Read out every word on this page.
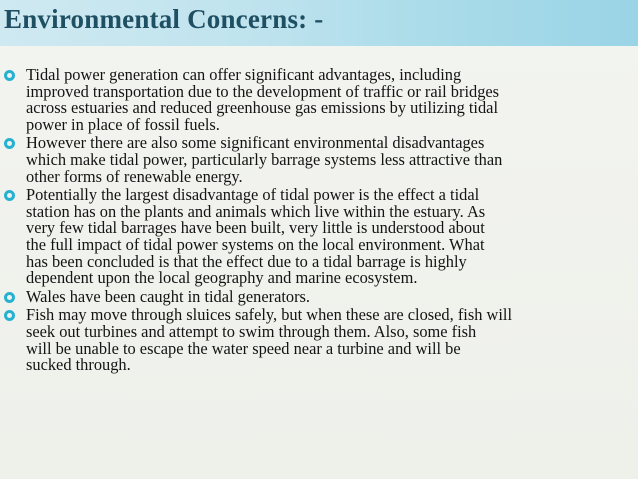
Environmental Concerns: -
Tidal power generation can offer significant advantages, including
improved transportation due to the development of traffic or rail bridges
across estuaries and reduced greenhouse gas emissions by utilizing tidal
power in place of fossil fuels.
However there are also some significant environmental disadvantages
which make tidal power, particularly barrage systems less attractive than
other forms of renewable energy.
Potentially the largest disadvantage of tidal power is the effect a tidal
station has on the plants and animals which live within the estuary. As
very few tidal barrages have been built, very little is understood about
the full impact of tidal power systems on the local environment. What
has been concluded is that the effect due to a tidal barrage is highly
dependent upon the local geography and marine ecosystem.
Wales have been caught in tidal generators.
Fish may move through sluices safely, but when these are closed, fish will
seek out turbines and attempt to swim through them. Also, some fish
will be unable to escape the water speed near a turbine and will be
sucked through.
